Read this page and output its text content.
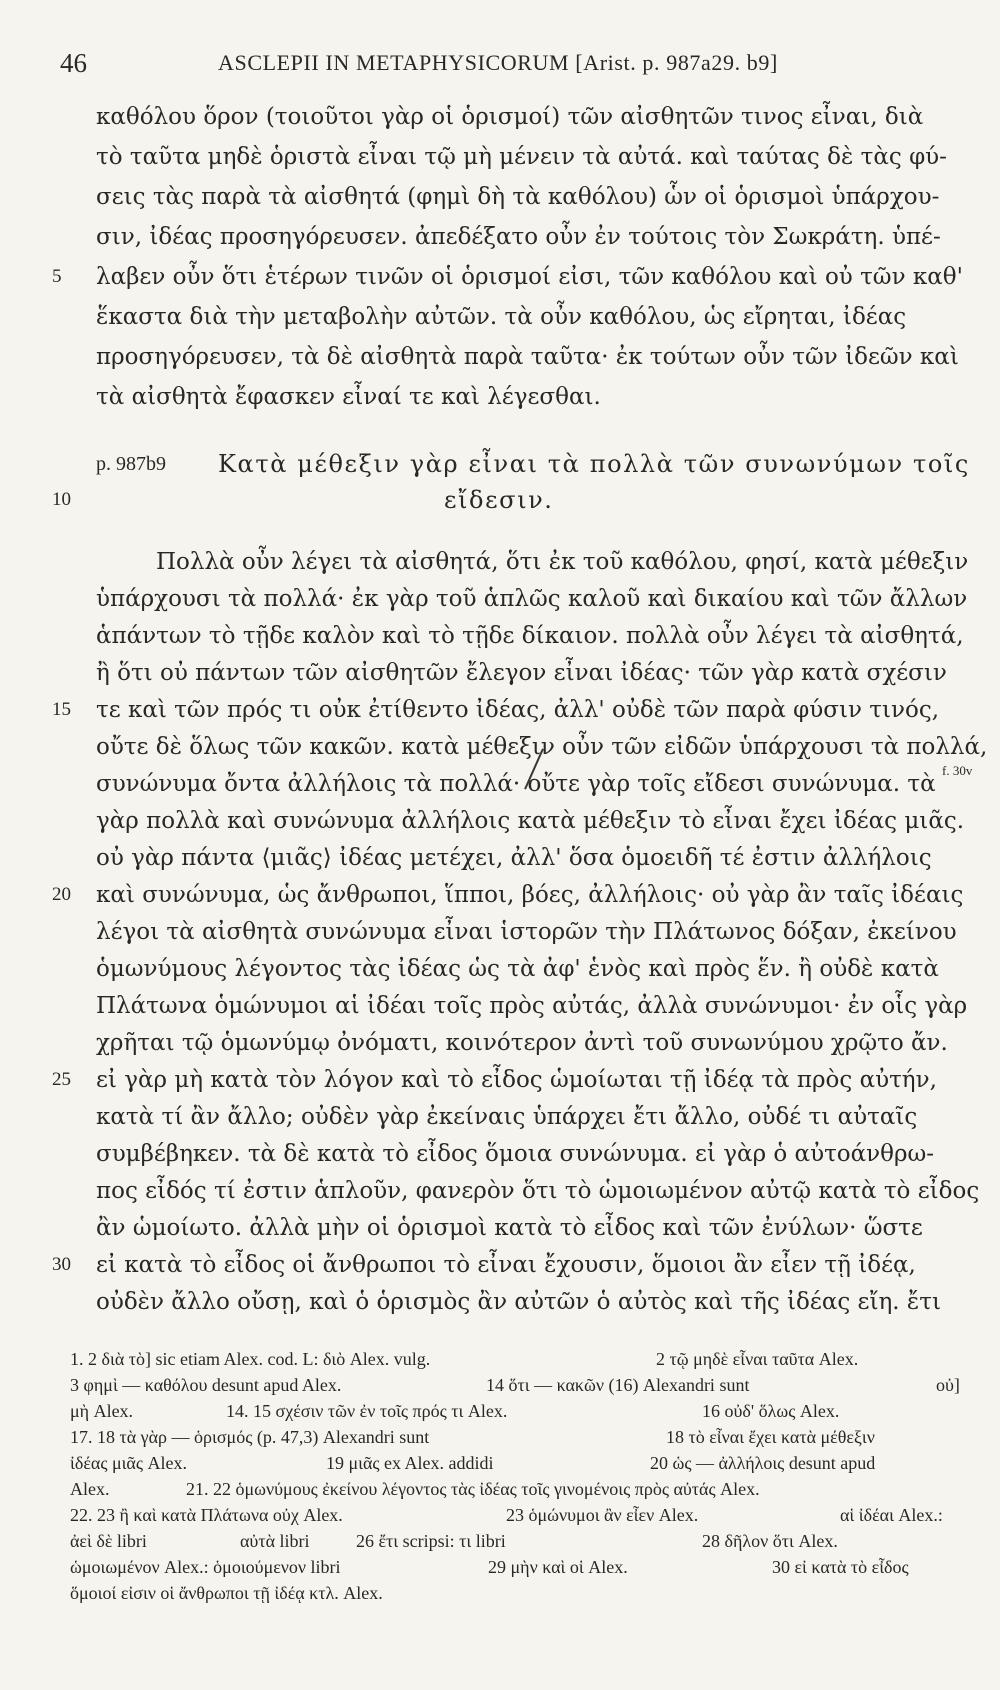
46	ASCLEPII IN METAPHYSICORUM [Arist. p. 987a29. b9]
καθόλου ὅρον (τοιοῦτοι γὰρ οἱ ὁρισμοί) τῶν αἰσθητῶν τινος εἶναι, διὰ
τὸ ταῦτα μηδὲ ὁριστὰ εἶναι τῷ μὴ μένειν τὰ αὐτά. καὶ ταύτας δὲ τὰς φύ-
σεις τὰς παρὰ τὰ αἰσθητά (φημὶ δὴ τὰ καθόλου) ὧν οἱ ὁρισμοὶ ὑπάρχου-
σιν, ἰδέας προσηγόρευσεν. ἀπεδέξατο οὖν ἐν τούτοις τὸν Σωκράτη. ὑπέ-
5	λαβεν οὖν ὅτι ἑτέρων τινῶν οἱ ὁρισμοί εἰσι, τῶν καθόλου καὶ οὐ τῶν καθ'
ἕκαστα διὰ τὴν μεταβολὴν αὐτῶν. τὰ οὖν καθόλου, ὡς εἴρηται, ἰδέας
προσηγόρευσεν, τὰ δὲ αἰσθητὰ παρὰ ταῦτα· ἐκ τούτων οὖν τῶν ἰδεῶν καὶ
τὰ αἰσθητὰ ἔφασκεν εἶναί τε καὶ λέγεσθαι.
p. 987b9 Κατὰ μέθεξιν γὰρ εἶναι τὰ πολλὰ τῶν συνωνύμων τοῖς
10	εἴδεσιν.
Πολλὰ οὖν λέγει τὰ αἰσθητά, ὅτι ἐκ τοῦ καθόλου, φησί, κατὰ μέθεξιν
ὑπάρχουσι τὰ πολλά· ἐκ γὰρ τοῦ ἁπλῶς καλοῦ καὶ δικαίου καὶ τῶν ἄλλων
ἁπάντων τὸ τῇδε καλὸν καὶ τὸ τῇδε δίκαιον. πολλὰ οὖν λέγει τὰ αἰσθητά,
ἢ ὅτι οὐ πάντων τῶν αἰσθητῶν ἔλεγον εἶναι ἰδέας· τῶν γὰρ κατὰ σχέσιν
15	τε καὶ τῶν πρός τι οὐκ ἐτίθεντο ἰδέας, ἀλλ' οὐδὲ τῶν παρὰ φύσιν τινός,
οὔτε δὲ ὅλως τῶν κακῶν. κατὰ μέθεξιν οὖν τῶν εἰδῶν ὑπάρχουσι τὰ πολλά,
συνώνυμα ὄντα ἀλλήλοις τὰ πολλά· οὔτε γὰρ τοῖς εἴδεσι συνώνυμα. τὰ
γὰρ πολλὰ καὶ συνώνυμα ἀλλήλοις κατὰ μέθεξιν τὸ εἶναι ἔχει ἰδέας μιᾶς.
οὐ γὰρ πάντα ⟨μιᾶς⟩ ἰδέας μετέχει, ἀλλ' ὅσα ὁμοειδῆ τέ ἐστιν ἀλλήλοις
20	καὶ συνώνυμα, ὡς ἄνθρωποι, ἵπποι, βόες, ἀλλήλοις· οὐ γὰρ ἂν ταῖς ἰδέαις
λέγοι τὰ αἰσθητὰ συνώνυμα εἶναι ἱστορῶν τὴν Πλάτωνος δόξαν, ἐκείνου
ὁμωνύμους λέγοντος τὰς ἰδέας ὡς τὰ ἀφ' ἑνὸς καὶ πρὸς ἕν. ἢ οὐδὲ κατὰ
Πλάτωνα ὁμώνυμοι αἱ ἰδέαι τοῖς πρὸς αὐτάς, ἀλλὰ συνώνυμοι· ἐν οἷς γὰρ
χρῆται τῷ ὁμωνύμῳ ὀνόματι, κοινότερον ἀντὶ τοῦ συνωνύμου χρῷτο ἄν.
25	εἰ γὰρ μὴ κατὰ τὸν λόγον καὶ τὸ εἶδος ὡμοίωται τῇ ἰδέᾳ τὰ πρὸς αὐτήν,
κατὰ τί ἂν ἄλλο; οὐδὲν γὰρ ἐκείναις ὑπάρχει ἔτι ἄλλο, οὐδέ τι αὐταῖς
συμβέβηκεν. τὰ δὲ κατὰ τὸ εἶδος ὅμοια συνώνυμα. εἰ γὰρ ὁ αὐτοάνθρω-
πος εἶδός τί ἐστιν ἁπλοῦν, φανερὸν ὅτι τὸ ὡμοιωμένον αὐτῷ κατὰ τὸ εἶδος
ἂν ὡμοίωτο. ἀλλὰ μὴν οἱ ὁρισμοὶ κατὰ τὸ εἶδος καὶ τῶν ἐνύλων· ὥστε
30	εἰ κατὰ τὸ εἶδος οἱ ἄνθρωποι τὸ εἶναι ἔχουσιν, ὅμοιοι ἂν εἶεν τῇ ἰδέᾳ,
οὐδὲν ἄλλο οὔσῃ, καὶ ὁ ὁρισμὸς ἂν αὐτῶν ὁ αὐτὸς καὶ τῆς ἰδέας εἴη. ἔτι
f. 30v
1. 2 διὰ τὸ] sic etiam Alex. cod. L: διὸ Alex. vulg.	2 τῷ μηδὲ εἶναι ταῦτα Alex.
3 φημὶ — καθόλου desunt apud Alex.	14 ὅτι — κακῶν (16) Alexandri sunt	οὐ]
μὴ Alex.	14. 15 σχέσιν τῶν ἐν τοῖς πρός τι Alex.	16 οὐδ' ὅλως Alex.
17. 18 τὰ γὰρ — ὁρισμός (p. 47,3) Alexandri sunt	18 τὸ εἶναι ἔχει κατὰ μέθεξιν
ἰδέας μιᾶς Alex.	19 μιᾶς ex Alex. addidi	20 ὡς — ἀλλήλοις desunt apud
Alex.	21. 22 ὁμωνύμους ἐκείνου λέγοντος τὰς ἰδέας τοῖς γινομένοις πρὸς αὐτάς Alex.
22. 23 ἢ καὶ κατὰ Πλάτωνα οὐχ Alex.	23 ὁμώνυμοι ἂν εἶεν Alex.	αἱ ἰδέαι Alex.:
ἀεὶ δὲ libri	αὐτὰ libri	26 ἔτι scripsi: τι libri	28 δῆλον ὅτι Alex.
ὡμοιωμένον Alex.: ὁμοιούμενον libri	29 μὴν καὶ οἱ Alex.	30 εἰ κατὰ τὸ εἶδος
ὅμοιοί εἰσιν οἱ ἄνθρωποι τῇ ἰδέᾳ κτλ. Alex.
